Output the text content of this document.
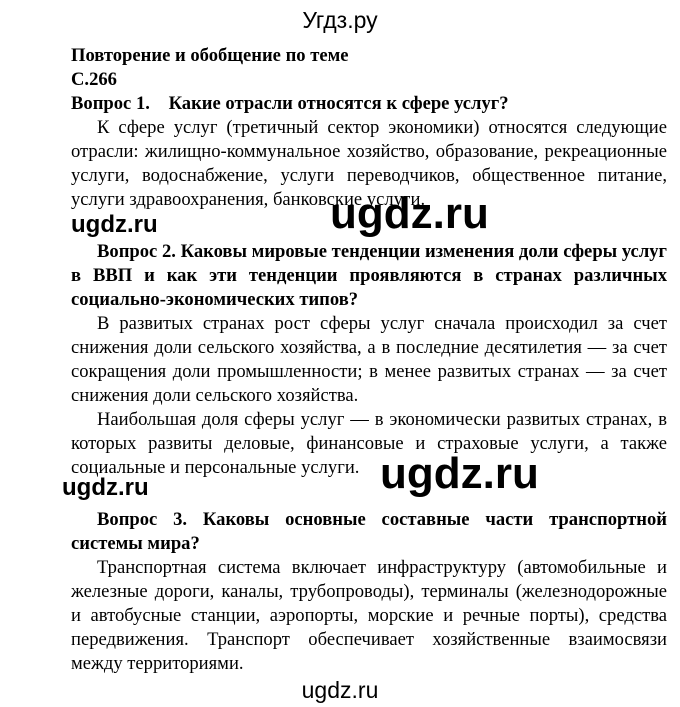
Угдз.ру

Повторение и обобщение по теме

С.266

Вопрос 1. Какие отрасли относятся к сфере услуг?

К сфере услуг (третичный сектор экономики) относятся следующие отрасли: жилищно-коммунальное хозяйство, образование, рекреационные услуги, водоснабжение, услуги переводчиков, общественное питание, услуги здравоохранения, банковские услуги.

Вопрос 2. Каковы мировые тенденции изменения доли сферы услуг в ВВП и как эти тенденции проявляются в странах различных социально-экономических типов?

В развитых странах рост сферы услуг сначала происходил за счет снижения доли сельского хозяйства, а в последние десятилетия — за счет сокращения доли промышленности; в менее развитых странах — за счет снижения доли сельского хозяйства.

Наибольшая доля сферы услуг — в экономически развитых странах, в которых развиты деловые, финансовые и страховые услуги, а также социальные и персональные услуги.

Вопрос 3. Каковы основные составные части транспортной системы мира?

Транспортная система включает инфраструктуру (автомобильные и железные дороги, каналы, трубопроводы), терминалы (железнодорожные и автобусные станции, аэропорты, морские и речные порты), средства передвижения. Транспорт обеспечивает хозяйственные взаимосвязи между территориями.

ugdz.ru
ugdz.ru
ugdz.ru
ugdz.ru
ugdz.ru
